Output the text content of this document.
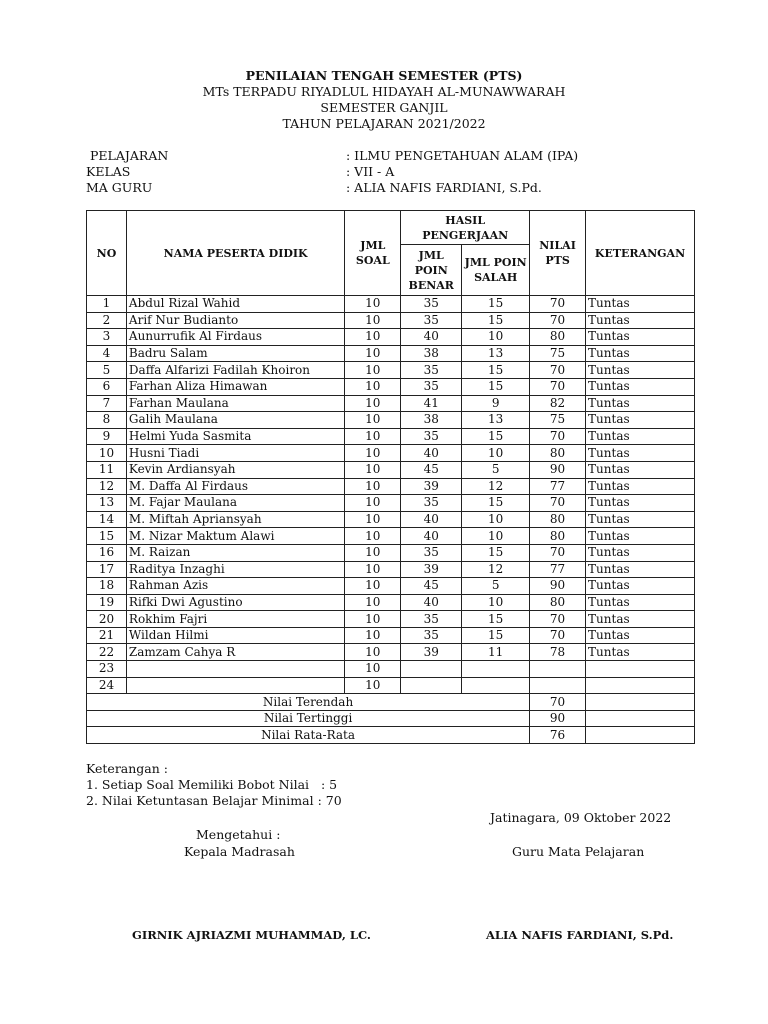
PENILAIAN TENGAH SEMESTER (PTS)
MTs TERPADU RIYADLUL HIDAYAH AL-MUNAWWARAH
SEMESTER GANJIL
TAHUN PELAJARAN 2021/2022
PELAJARAN	: ILMU PENGETAHUAN ALAM (IPA)
KELAS	: VII - A
MA GURU	: ALIA NAFIS FARDIANI, S.Pd.
NO	NAMA PESERTA DIDIK	JML SOAL	HASIL PENGERJAAN		NILAI PTS	KETERANGAN
			JML POIN BENAR	JML POIN SALAH		
1	Abdul Rizal Wahid	10	35	15	70	Tuntas
2	Arif Nur Budianto	10	35	15	70	Tuntas
3	Aunurrufik Al Firdaus	10	40	10	80	Tuntas
4	Badru Salam	10	38	13	75	Tuntas
5	Daffa Alfarizi Fadilah Khoiron	10	35	15	70	Tuntas
6	Farhan Aliza Himawan	10	35	15	70	Tuntas
7	Farhan Maulana	10	41	9	82	Tuntas
8	Galih Maulana	10	38	13	75	Tuntas
9	Helmi Yuda Sasmita	10	35	15	70	Tuntas
10	Husni Tiadi	10	40	10	80	Tuntas
11	Kevin Ardiansyah	10	45	5	90	Tuntas
12	M. Daffa Al Firdaus	10	39	12	77	Tuntas
13	M. Fajar Maulana	10	35	15	70	Tuntas
14	M. Miftah Apriansyah	10	40	10	80	Tuntas
15	M. Nizar Maktum Alawi	10	40	10	80	Tuntas
16	M. Raizan	10	35	15	70	Tuntas
17	Raditya Inzaghi	10	39	12	77	Tuntas
18	Rahman Azis	10	45	5	90	Tuntas
19	Rifki Dwi Agustino	10	40	10	80	Tuntas
20	Rokhim Fajri	10	35	15	70	Tuntas
21	Wildan Hilmi	10	35	15	70	Tuntas
22	Zamzam Cahya R	10	39	11	78	Tuntas
23		10				
24		10				
Nilai Terendah					70	
Nilai Tertinggi					90	
Nilai Rata-Rata					76	
Keterangan :
1. Setiap Soal Memiliki Bobot Nilai   : 5
2. Nilai Ketuntasan Belajar Minimal : 70
Jatinagara, 09 Oktober 2022
Mengetahui :
Kepala Madrasah	Guru Mata Pelajaran
GIRNIK AJRIAZMI MUHAMMAD, LC.	ALIA NAFIS FARDIANI, S.Pd.
